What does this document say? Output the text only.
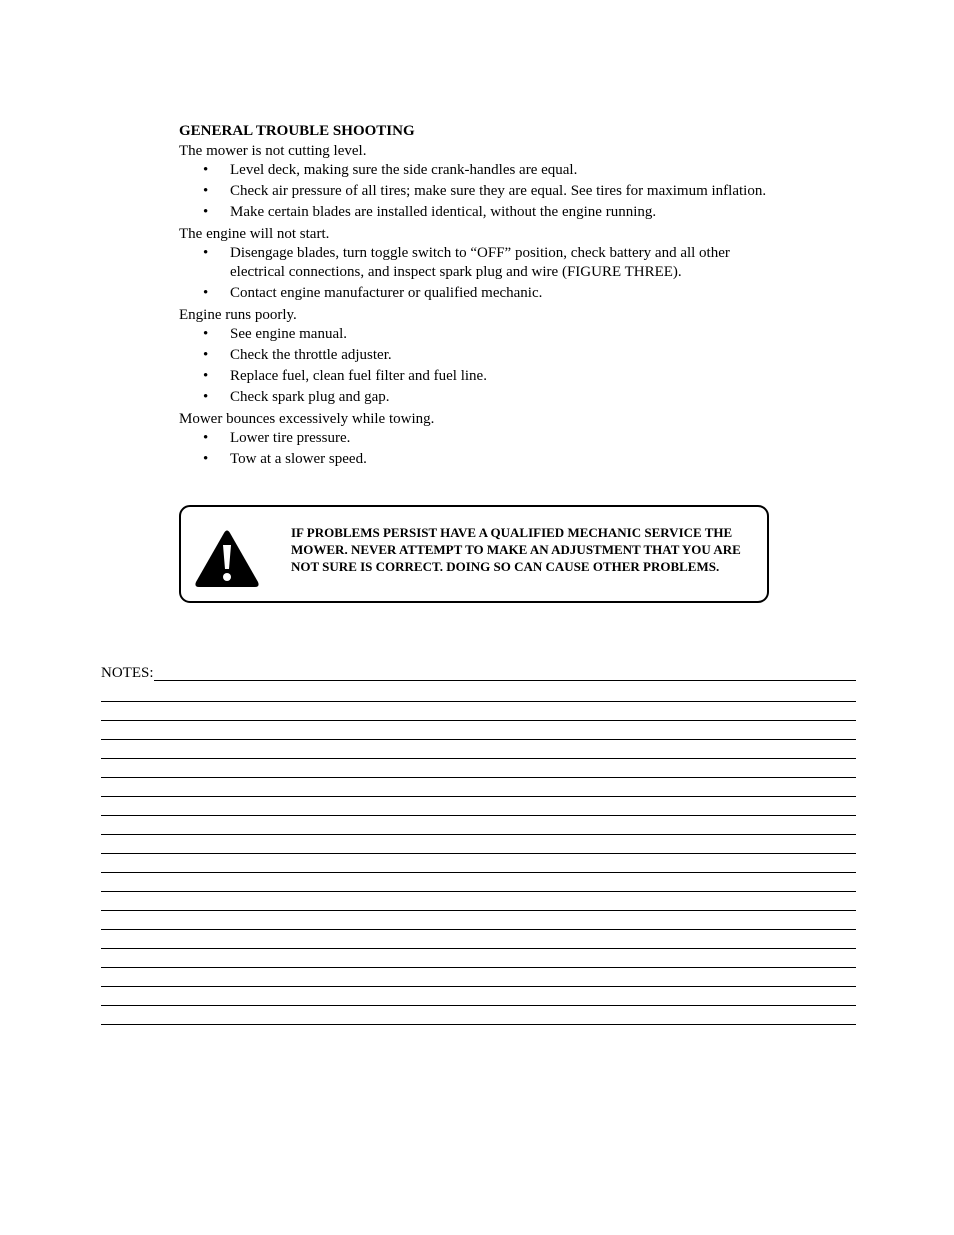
GENERAL TROUBLE SHOOTING

The mower is not cutting level.

• Level deck, making sure the side crank-handles are equal.
• Check air pressure of all tires; make sure they are equal. See tires for maximum inflation.
• Make certain blades are installed identical, without the engine running.

The engine will not start.

• Disengage blades, turn toggle switch to “OFF” position, check battery and all other electrical connections, and inspect spark plug and wire (FIGURE THREE).
• Contact engine manufacturer or qualified mechanic.

Engine runs poorly.

• See engine manual.
• Check the throttle adjuster.
• Replace fuel, clean fuel filter and fuel line.
• Check spark plug and gap.

Mower bounces excessively while towing.

• Lower tire pressure.
• Tow at a slower speed.
IF PROBLEMS PERSIST HAVE A QUALIFIED MECHANIC SERVICE THE MOWER. NEVER ATTEMPT TO MAKE AN ADJUSTMENT THAT YOU ARE NOT SURE IS CORRECT. DOING SO CAN CAUSE OTHER PROBLEMS.
NOTES:
